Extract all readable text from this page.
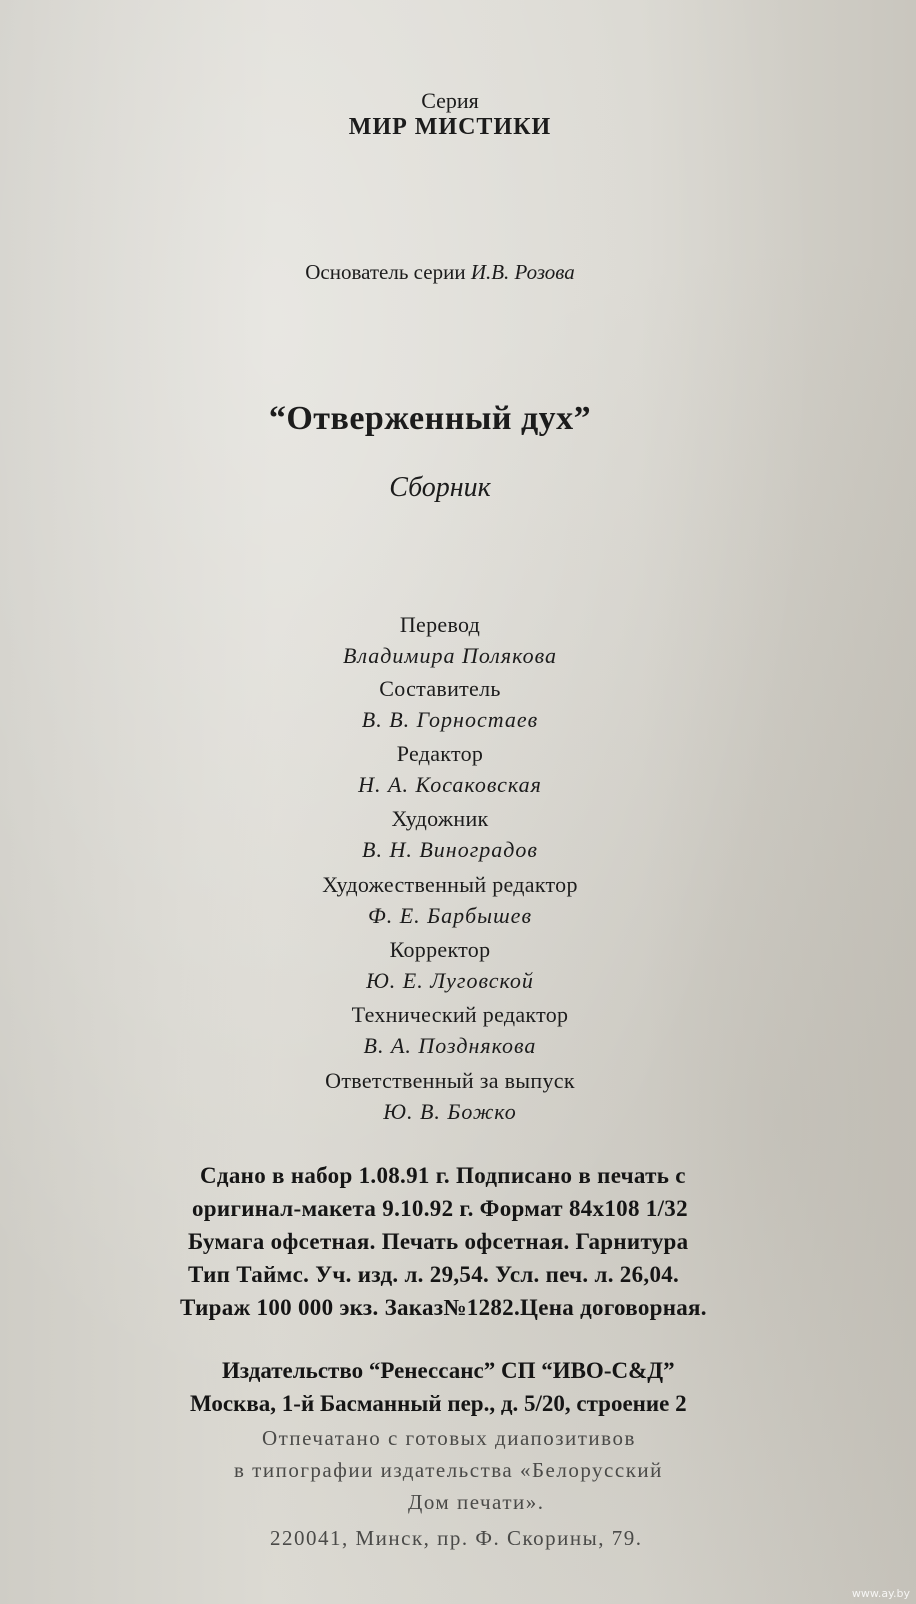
Серия
МИР МИСТИКИ
Основатель серии И.В. Розова
“Отверженный дух”
Сборник
Перевод
Владимира Полякова
Составитель
В. В. Горностаев
Редактор
Н. А. Косаковская
Художник
В. Н. Виноградов
Художественный редактор
Ф. Е. Барбышев
Корректор
Ю. Е. Луговской
Технический редактор
В. А. Позднякова
Ответственный за выпуск
Ю. В. Божко
Сдано в набор 1.08.91 г. Подписано в печать с
оригинал-макета 9.10.92 г. Формат 84х108 1/32
Бумага офсетная. Печать офсетная. Гарнитура
Тип Таймс. Уч. изд. л. 29,54. Усл. печ. л. 26,04.
Тираж 100 000 экз. Заказ№1282.Цена договорная.
Издательство “Ренессанс” СП “ИВО-С&Д”
Москва, 1-й Басманный пер., д. 5/20, строение 2
Отпечатано с готовых диапозитивов
в типографии издательства «Белорусский
Дом печати».
220041, Минск, пр. Ф. Скорины, 79.
www.ay.by
